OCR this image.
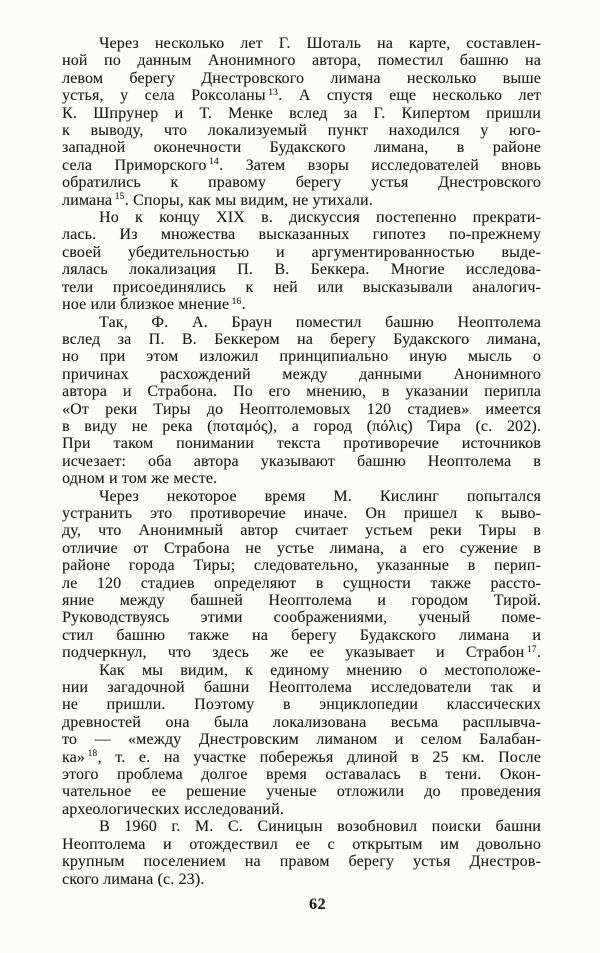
Через несколько лет Г. Шоталь на карте, составлен-
ной по данным Анонимного автора, поместил башню на
левом берегу Днестровского лимана несколько выше
устья, у села Роксоланы $^{13}$. А спустя еще несколько лет
К. Шпрунер и Т. Менке вслед за Г. Кипертом пришли
к выводу, что локализуемый пункт находился у юго-
западной оконечности Будакского лимана, в районе
села Приморского $^{14}$. Затем взоры исследователей вновь
обратились к правому берегу устья Днестровского
лимана $^{15}$. Споры, как мы видим, не утихали.
Но к концу XIX в. дискуссия постепенно прекрати-
лась. Из множества высказанных гипотез по-прежнему
своей убедительностью и аргументированностью выде-
лялась локализация П. В. Беккера. Многие исследова-
тели присоединялись к ней или высказывали аналогич-
ное или близкое мнение $^{16}$.
Так, Ф. А. Браун поместил башню Неоптолема
вслед за П. В. Беккером на берегу Будакского лимана,
но при этом изложил принципиально иную мысль о
причинах расхождений между данными Анонимного
автора и Страбона. По его мнению, в указании перипла
«От реки Тиры до Неоптолемовых 120 стадиев» имеется
в виду не река (ποταμός), а город (πόλις) Тира (с. 202).
При таком понимании текста противоречие источников
исчезает: оба автора указывают башню Неоптолема в
одном и том же месте.
Через некоторое время М. Кислинг попытался
устранить это противоречие иначе. Он пришел к выво-
ду, что Анонимный автор считает устьем реки Тиры в
отличие от Страбона не устье лимана, а его сужение в
районе города Тиры; следовательно, указанные в перип-
ле 120 стадиев определяют в сущности также рассто-
яние между башней Неоптолема и городом Тирой.
Руководствуясь этими соображениями, ученый поме-
стил башню также на берегу Будакского лимана и
подчеркнул, что здесь же ее указывает и Страбон $^{17}$.
Как мы видим, к единому мнению о местоположе-
нии загадочной башни Неоптолема исследователи так и
не пришли. Поэтому в энциклопедии классических
древностей она была локализована весьма расплывча-
то — «между Днестровским лиманом и селом Балабан-
ка» $^{18}$, т. е. на участке побережья длиной в 25 км. После
этого проблема долгое время оставалась в тени. Окон-
чательное ее решение ученые отложили до проведения
археологических исследований.
В 1960 г. М. С. Синицын возобновил поиски башни
Неоптолема и отождествил ее с открытым им довольно
крупным поселением на правом берегу устья Днестров-
ского лимана (с. 23).
62
